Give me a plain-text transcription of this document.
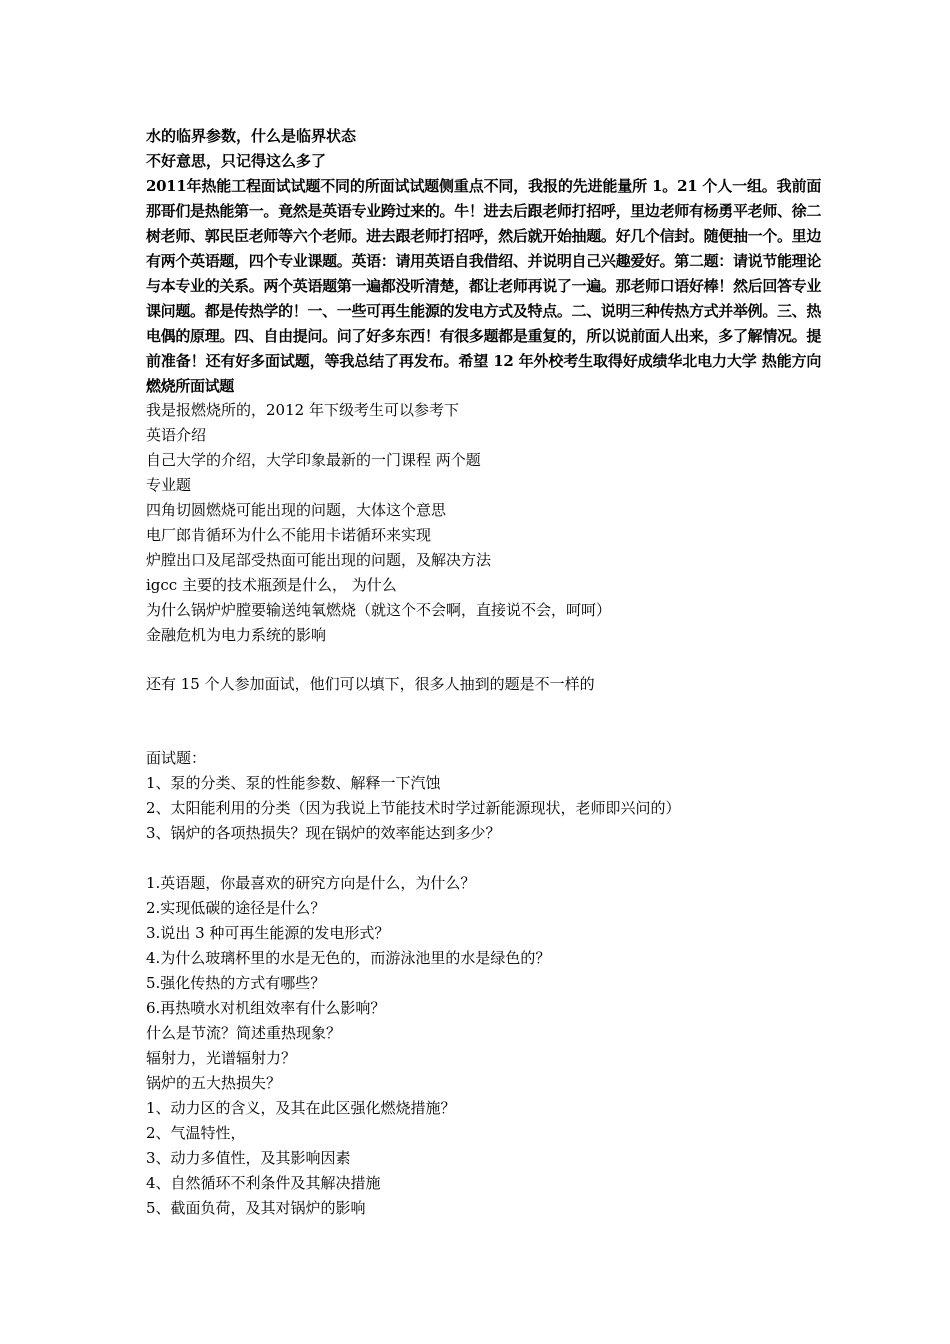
水的临界参数，什么是临界状态
不好意思，只记得这么多了
2011年热能工程面试试题不同的所面试试题侧重点不同，我报的先进能量所 1。21 个人一组。我前面那哥们是热能第一。竟然是英语专业跨过来的。牛！进去后跟老师打招呼，里边老师有杨勇平老师、徐二树老师、郭民臣老师等六个老师。进去跟老师打招呼，然后就开始抽题。好几个信封。随便抽一个。里边有两个英语题，四个专业课题。英语：请用英语自我借绍、并说明自己兴趣爱好。第二题：请说节能理论与本专业的关系。两个英语题第一遍都没听清楚，都让老师再说了一遍。那老师口语好棒！然后回答专业课问题。都是传热学的！一、一些可再生能源的发电方式及特点。二、说明三种传热方式并举例。三、热电偶的原理。四、自由提问。问了好多东西！有很多题都是重复的，所以说前面人出来，多了解情况。提前准备！还有好多面试题，等我总结了再发布。希望 12 年外校考生取得好成绩华北电力大学 热能方向 燃烧所面试题
我是报燃烧所的，2012 年下级考生可以参考下
英语介绍
自己大学的介绍，大学印象最新的一门课程 两个题
专业题
四角切圆燃烧可能出现的问题，大体这个意思
电厂郎肯循环为什么不能用卡诺循环来实现
炉膛出口及尾部受热面可能出现的问题，及解决方法
igcc 主要的技术瓶颈是什么， 为什么
为什么锅炉炉膛要输送纯氧燃烧（就这个不会啊，直接说不会，呵呵）
金融危机为电力系统的影响
还有 15 个人参加面试，他们可以填下，很多人抽到的题是不一样的
面试题：
1、泵的分类、泵的性能参数、解释一下汽蚀
2、太阳能利用的分类（因为我说上节能技术时学过新能源现状，老师即兴问的）
3、锅炉的各项热损失？现在锅炉的效率能达到多少？
1.英语题，你最喜欢的研究方向是什么，为什么？
2.实现低碳的途径是什么？
3.说出 3 种可再生能源的发电形式？
4.为什么玻璃杯里的水是无色的，而游泳池里的水是绿色的？
5.强化传热的方式有哪些？
6.再热喷水对机组效率有什么影响？
什么是节流？简述重热现象？
辐射力，光谱辐射力？
锅炉的五大热损失？
1、动力区的含义，及其在此区强化燃烧措施？
2、气温特性，
3、动力多值性，及其影响因素
4、自然循环不利条件及其解决措施
5、截面负荷，及其对锅炉的影响
